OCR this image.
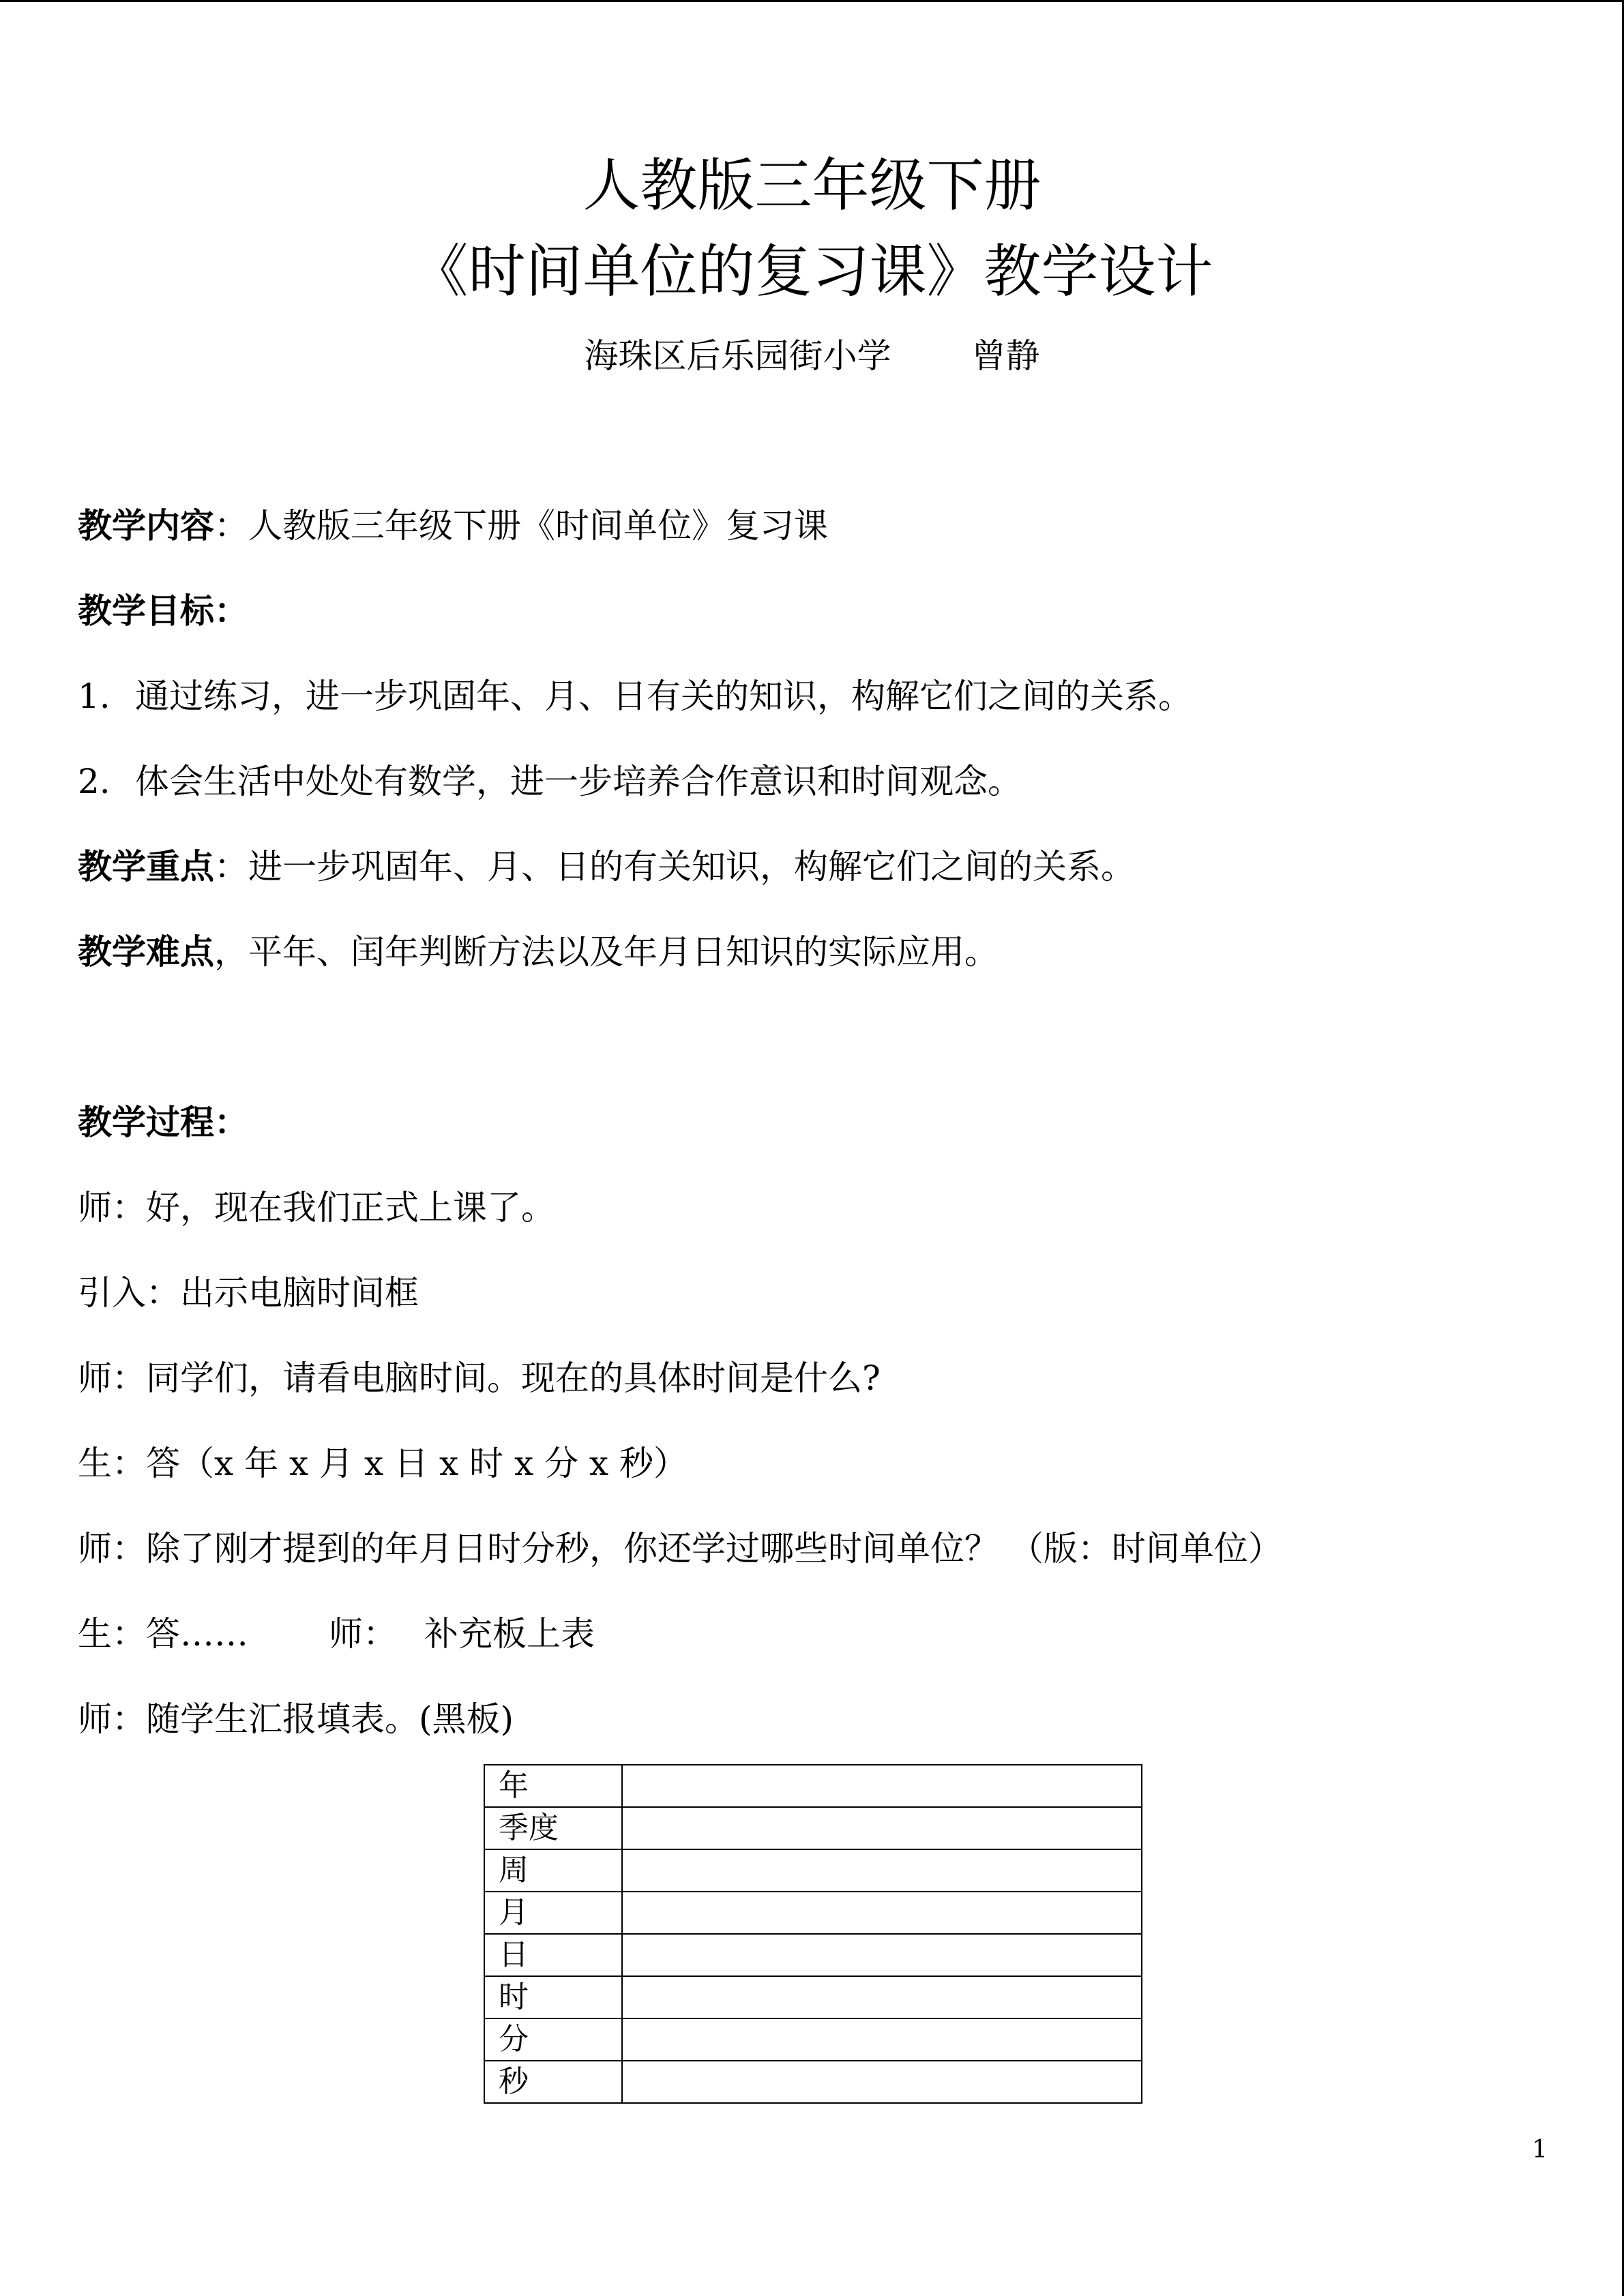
人教版三年级下册
《时间单位的复习课》教学设计
海珠区后乐园街小学 曾静
教学内容：人教版三年级下册《时间单位》复习课
教学目标：
1. 通过练习，进一步巩固年、月、日有关的知识，构解它们之间的关系。
2. 体会生活中处处有数学，进一步培养合作意识和时间观念。
教学重点：进一步巩固年、月、日的有关知识，构解它们之间的关系。
教学难点，平年、闰年判断方法以及年月日知识的实际应用。
教学过程：
师：好，现在我们正式上课了。
引入：出示电脑时间框
师：同学们，请看电脑时间。现在的具体时间是什么?
生：答（x 年 x 月 x 日 x 时 x 分 x 秒）
师：除了刚才提到的年月日时分秒，你还学过哪些时间单位？ （版：时间单位）
生：答…… 师： 补充板上表
师：随学生汇报填表。(黑板)
年	
季度	
周	
月	
日	
时	
分	
秒	
1
